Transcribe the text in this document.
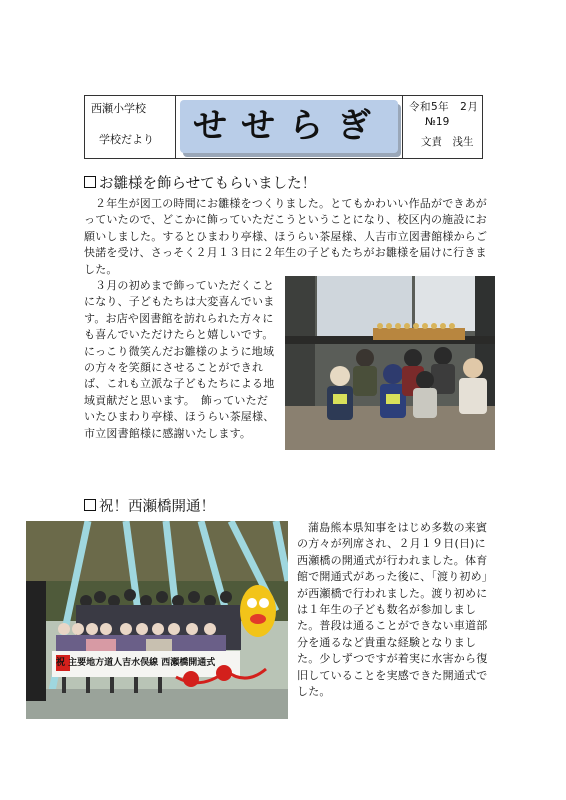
西瀬小学校
学校だより	せせらぎ	令和5年　2月
№19
文責　浅生
お雛様を飾らせてもらいました！
２年生が図工の時間にお雛様をつくりました。とてもかわいい作品ができあがっていたので、どこかに飾っていただこうということになり、校区内の施設にお願いしました。するとひまわり亭様、ほうらい茶屋様、人吉市立図書館様からご快諾を受け、さっそく２月１３日に２年生の子どもたちがお雛様を届けに行きました。
３月の初めまで飾っていただくことになり、子どもたちは大変喜んでいます。お店や図書館を訪れられた方々にも喜んでいただけたらと嬉しいです。　にっこり微笑んだお雛様のように地域の方々を笑顔にさせることができれば、これも立派な子どもたちによる地域貢献だと思います。　飾っていただいたひまわり亭様、ほうらい茶屋様、市立図書館様に感謝いたします。
祝！西瀬橋開通！
祝 主要地方道人吉水俣線 西瀬橋開通式
蒲島熊本県知事をはじめ多数の来賓の方々が列席され、２月１９日(日)に西瀬橋の開通式が行われました。体育館で開通式があった後に、「渡り初め」が西瀬橋で行われました。渡り初めには１年生の子ども数名が参加しました。普段は通ることができない車道部分を通るなど貴重な経験となりました。少しずつですが着実に水害から復旧していることを実感できた開通式でした。
